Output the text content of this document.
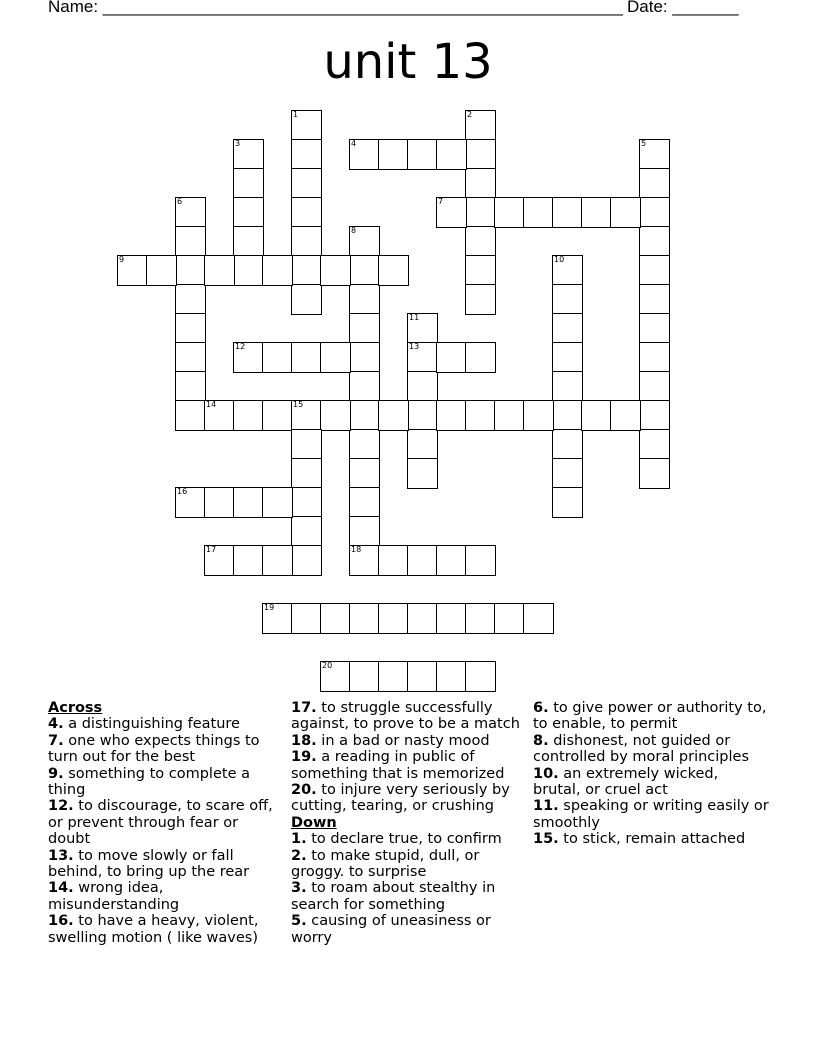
Name: _______________________________________________________ Date: _______
unit 13
1	2
3	4	5
6	7
8
18
9	10
11
13
12
14	15
16
17
19
20
Across

4. a distinguishing feature

7. one who expects things to turn out for the best

9. something to complete a thing

12. to discourage, to scare off, or prevent through fear or doubt

13. to move slowly or fall behind, to bring up the rear

14. wrong idea, misunderstanding

16. to have a heavy, violent, swelling motion ( like waves)

17. to struggle successfully against, to prove to be a match

18. in a bad or nasty mood

19. a reading in public of something that is memorized

20. to injure very seriously by cutting, tearing, or crushing

Down

1. to declare true, to confirm

2. to make stupid, dull, or groggy. to surprise

3. to roam about stealthy in search for something

5. causing of uneasiness or worry

6. to give power or authority to, to enable, to permit

8. dishonest, not guided or controlled by moral principles

10. an extremely wicked, brutal, or cruel act

11. speaking or writing easily or smoothly

15. to stick, remain attached
